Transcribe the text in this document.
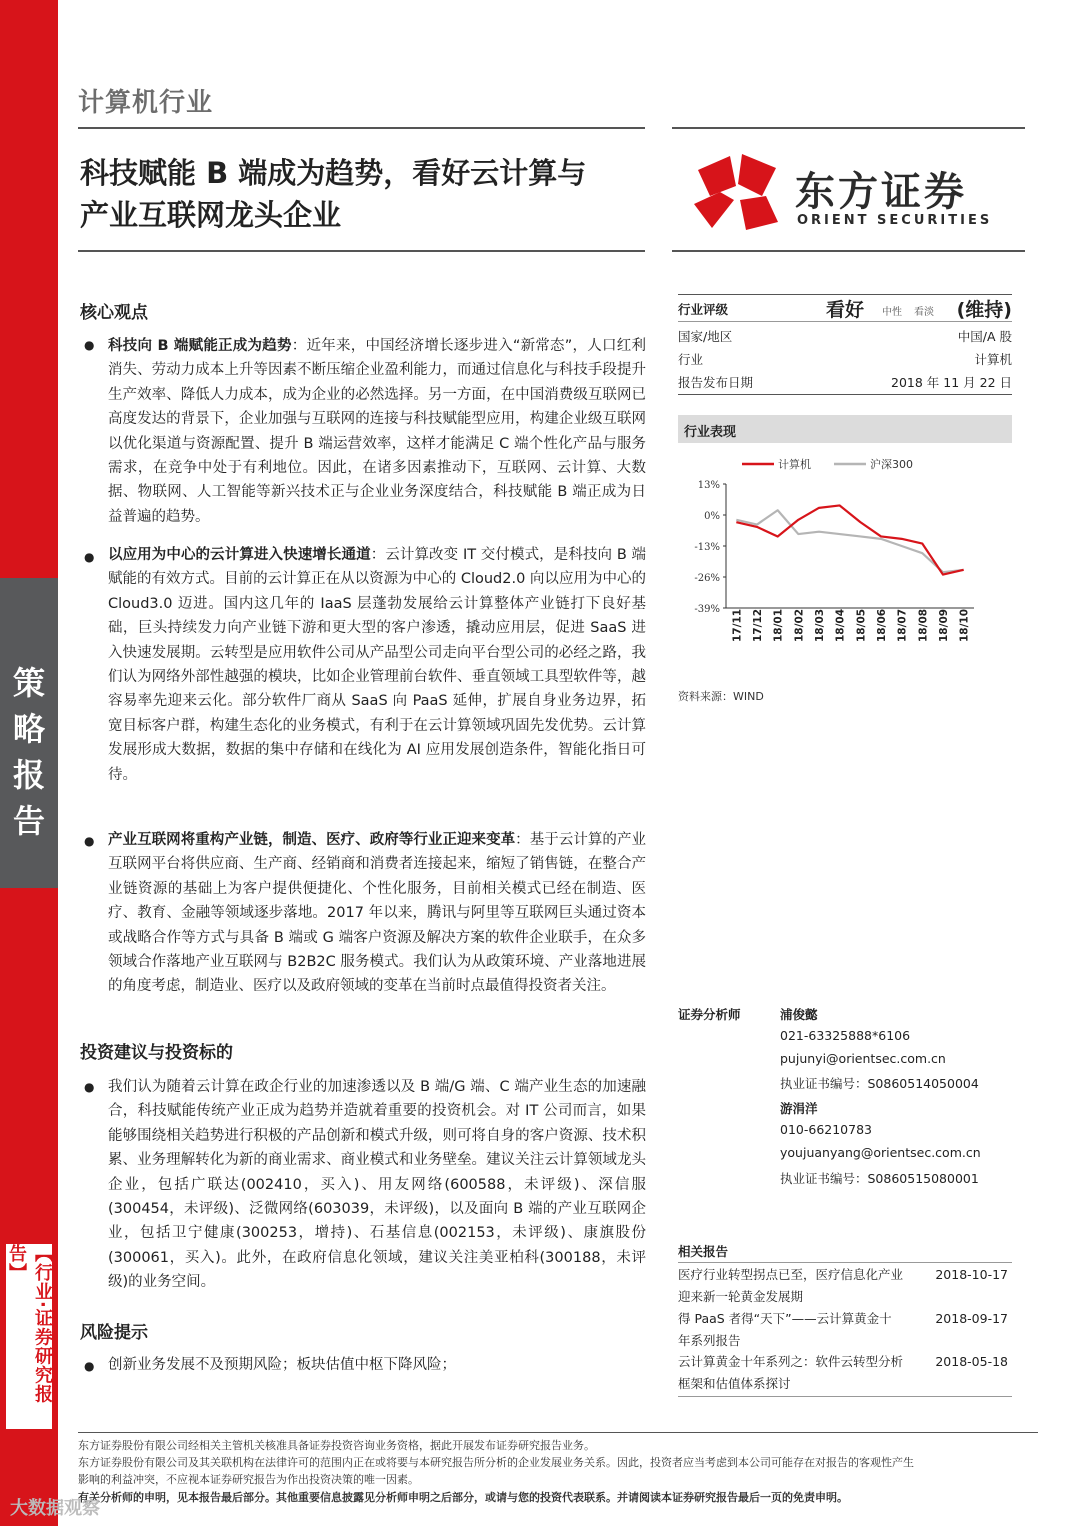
策
略
报
告
【行业·证券研究报告】
计算机行业
科技赋能 B 端成为趋势，看好云计算与
产业互联网龙头企业	东方证券
ORIENT SECURITIES
核心观点
● 科技向 B 端赋能正成为趋势：近年来，中国经济增长逐步进入“新常态”，人口红利消失、劳动力成本上升等因素不断压缩企业盈利能力，而通过信息化与科技手段提升生产效率、降低人力成本，成为企业的必然选择。另一方面，在中国消费级互联网已高度发达的背景下，企业加强与互联网的连接与科技赋能型应用，构建企业级互联网以优化渠道与资源配置、提升 B 端运营效率，这样才能满足 C 端个性化产品与服务需求，在竞争中处于有利地位。因此，在诸多因素推动下，互联网、云计算、大数据、物联网、人工智能等新兴技术正与企业业务深度结合，科技赋能 B 端正成为日益普遍的趋势。
● 以应用为中心的云计算进入快速增长通道：云计算改变 IT 交付模式，是科技向 B 端赋能的有效方式。目前的云计算正在从以资源为中心的 Cloud2.0 向以应用为中心的 Cloud3.0 迈进。国内这几年的 IaaS 层蓬勃发展给云计算整体产业链打下良好基础，巨头持续发力向产业链下游和更大型的客户渗透，撬动应用层，促进 SaaS 进入快速发展期。云转型是应用软件公司从产品型公司走向平台型公司的必经之路，我们认为网络外部性越强的模块，比如企业管理前台软件、垂直领域工具型软件等，越容易率先迎来云化。部分软件厂商从 SaaS 向 PaaS 延伸，扩展自身业务边界，拓宽目标客户群，构建生态化的业务模式，有利于在云计算领域巩固先发优势。云计算发展形成大数据，数据的集中存储和在线化为 AI 应用发展创造条件，智能化指日可待。
● 产业互联网将重构产业链，制造、医疗、政府等行业正迎来变革：基于云计算的产业互联网平台将供应商、生产商、经销商和消费者连接起来，缩短了销售链，在整合产业链资源的基础上为客户提供便捷化、个性化服务，目前相关模式已经在制造、医疗、教育、金融等领域逐步落地。2017 年以来，腾讯与阿里等互联网巨头通过资本或战略合作等方式与具备 B 端或 G 端客户资源及解决方案的软件企业联手，在众多领域合作落地产业互联网与 B2B2C 服务模式。我们认为从政策环境、产业落地进展的角度考虑，制造业、医疗以及政府领域的变革在当前时点最值得投资者关注。
投资建议与投资标的
● 我们认为随着云计算在政企行业的加速渗透以及 B 端/G 端、C 端产业生态的加速融合，科技赋能传统产业正成为趋势并造就着重要的投资机会。对 IT 公司而言，如果能够围绕相关趋势进行积极的产品创新和模式升级，则可将自身的客户资源、技术积累、业务理解转化为新的商业需求、商业模式和业务壁垒。建议关注云计算领域龙头企业，包括广联达(002410，买入)、用友网络(600588，未评级)、深信服(300454，未评级)、泛微网络(603039，未评级)，以及面向 B 端的产业互联网企业，包括卫宁健康(300253，增持)、石基信息(002153，未评级)、康旗股份(300061，买入)。此外，在政府信息化领域，建议关注美亚柏科(300188，未评级)的业务空间。
风险提示
● 创新业务发展不及预期风险；板块估值中枢下降风险；
行业评级	看好 中性 看淡 (维持)
国家/地区	中国/A 股
行业	计算机
报告发布日期	2018 年 11 月 22 日
行业表现
13%
0%
-13%
-26%
-39% 17/11 17/12 18/01 18/02 18/03 18/04 18/05 18/06 18/07 18/08 18/09 18/10
计算机	沪深300
资料来源：WIND
证券分析师	浦俊懿
021-63325888*6106
pujunyi@orientsec.com.cn
执业证书编号：S0860514050004
游涓洋
010-66210783
youjuanyang@orientsec.com.cn
执业证书编号：S0860515080001
相关报告
医疗行业转型拐点已至，医疗信息化产业
迎来新一轮黄金发展期
2018-10-17
得 PaaS 者得“天下”——云计算黄金十
年系列报告
2018-09-17
云计算黄金十年系列之：软件云转型分析
框架和估值体系探讨
2018-05-18
东方证券股份有限公司经相关主管机关核准具备证券投资咨询业务资格，据此开展发布证券研究报告业务。
东方证券股份有限公司及其关联机构在法律许可的范围内正在或将要与本研究报告所分析的企业发展业务关系。因此，投资者应当考虑到本公司可能存在对报告的客观性产生
影响的利益冲突，不应视本证券研究报告为作出投资决策的唯一因素。
有关分析师的申明，见本报告最后部分。其他重要信息披露见分析师申明之后部分，或请与您的投资代表联系。并请阅读本证券研究报告最后一页的免责申明。
大数据观察
